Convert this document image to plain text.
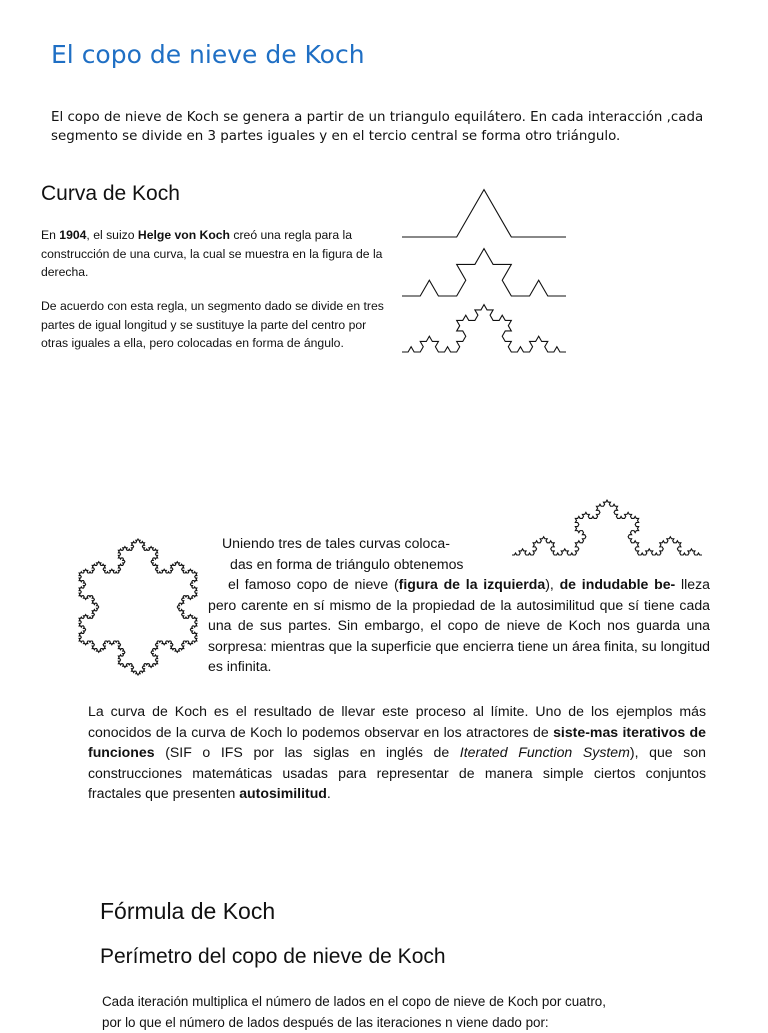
El copo de nieve de Koch
El copo de nieve de Koch se genera a partir de un triangulo equilátero. En cada interacción ,cada
segmento se divide en 3 partes iguales y en el tercio central se forma otro triángulo.
Curva de Koch

En 1904, el suizo Helge von Koch creó una regla para la construcción de una curva, la cual se muestra en la figura de la derecha.

De acuerdo con esta regla, un segmento dado se divide en tres partes de igual longitud y se sustituye la parte del centro por otras iguales a ella, pero colocadas en forma de ángulo.

Uniendo tres de tales curvas coloca-
das en forma de triángulo obtenemos
el famoso copo de nieve (figura de la izquierda), de indudable be- lleza pero carente en sí mismo de la propiedad de la autosimilitud que sí tiene cada una de sus partes. Sin embargo, el copo de nieve de Koch nos guarda una sorpresa: mientras que la superficie que encierra tiene un área finita, su longitud es infinita.

La curva de Koch es el resultado de llevar este proceso al límite. Uno de los ejemplos más conocidos de la curva de Koch lo podemos observar en los atractores de siste-mas iterativos de funciones (SIF o IFS por las siglas en inglés de Iterated Function System), que son construcciones matemáticas usadas para representar de manera simple ciertos conjuntos fractales que presenten autosimilitud.

Fórmula de Koch
Perímetro del copo de nieve de Koch
Cada iteración multiplica el número de lados en el copo de nieve de Koch por cuatro,
por lo que el número de lados después de las iteraciones n viene dado por:
